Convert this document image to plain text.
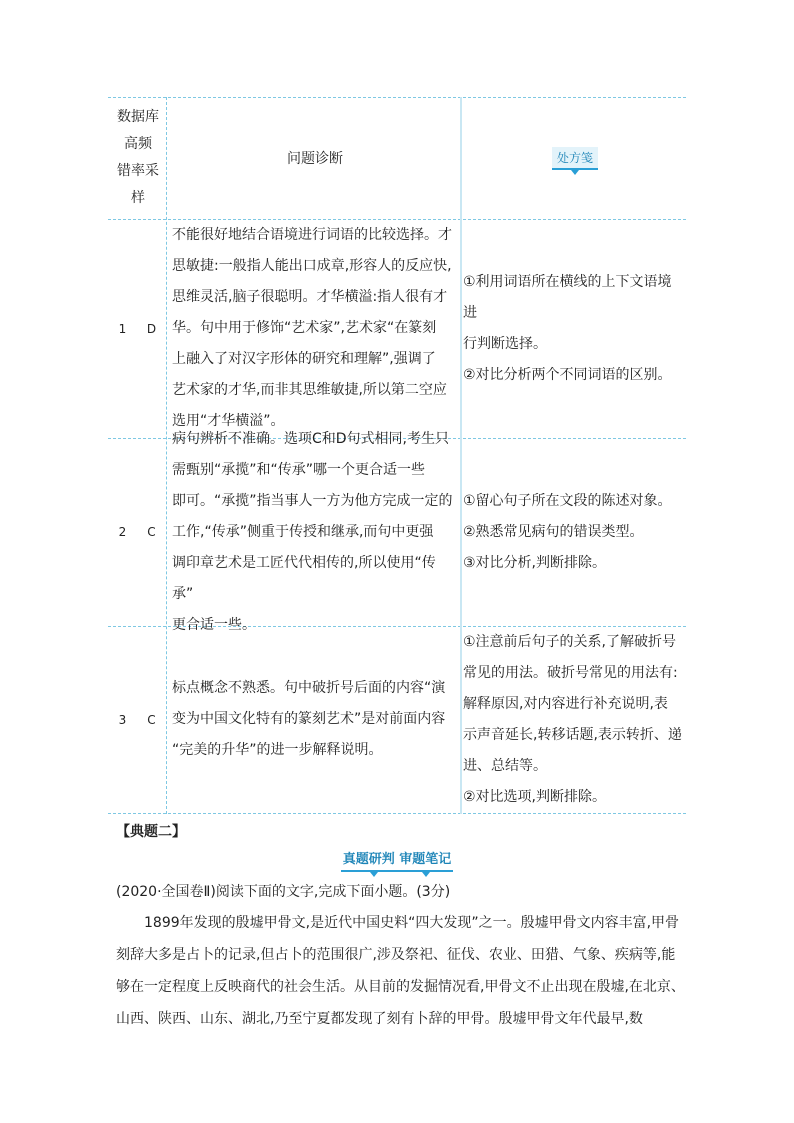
数据库
高频
错率采
样
问题诊断	处方笺
1 D
不能很好地结合语境进行词语的比较选择。才
思敏捷:一般指人能出口成章,形容人的反应快,
思维灵活,脑子很聪明。才华横溢:指人很有才
华。句中用于修饰“艺术家”,艺术家“在篆刻
上融入了对汉字形体的研究和理解”,强调了
艺术家的才华,而非其思维敏捷,所以第二空应
选用“才华横溢”。
①利用词语所在横线的上下文语境进
行判断选择。
②对比分析两个不同词语的区别。
2 C
病句辨析不准确。选项C和D句式相同,考生只
需甄别“承揽”和“传承”哪一个更合适一些
即可。“承揽”指当事人一方为他方完成一定的
工作,“传承”侧重于传授和继承,而句中更强
调印章艺术是工匠代代相传的,所以使用“传承”
更合适一些。
①留心句子所在文段的陈述对象。
②熟悉常见病句的错误类型。
③对比分析,判断排除。
3 C
标点概念不熟悉。句中破折号后面的内容“演
变为中国文化特有的篆刻艺术”是对前面内容
“完美的升华”的进一步解释说明。
①注意前后句子的关系,了解破折号
常见的用法。破折号常见的用法有:
解释原因,对内容进行补充说明,表
示声音延长,转移话题,表示转折、递
进、总结等。
②对比选项,判断排除。
【典题二】
真题研判 审题笔记
(2020·全国卷Ⅱ)阅读下面的文字,完成下面小题。(3分)

1899年发现的殷墟甲骨文,是近代中国史料“四大发现”之一。殷墟甲骨文内容丰富,甲骨刻辞大多是占卜的记录,但占卜的范围很广,涉及祭祀、征伐、农业、田猎、气象、疾病等,能够在一定程度上反映商代的社会生活。从目前的发掘情况看,甲骨文不止出现在殷墟,在北京、山西、陕西、山东、湖北,乃至宁夏都发现了刻有卜辞的甲骨。殷墟甲骨文年代最早,数
